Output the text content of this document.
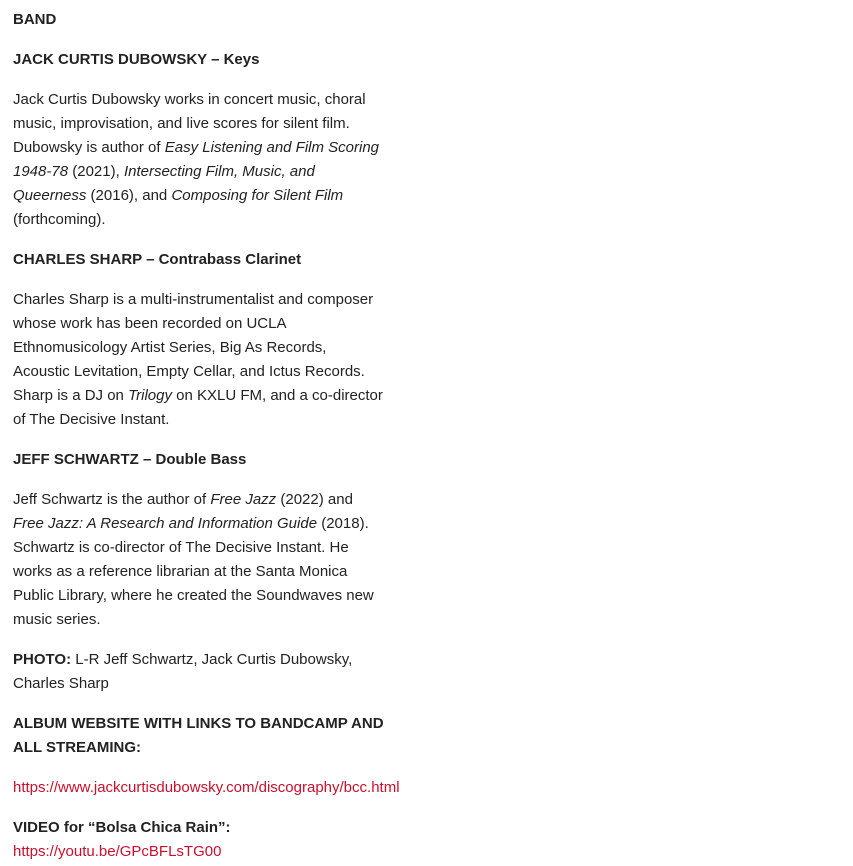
BAND

JACK CURTIS DUBOWSKY – Keys

Jack Curtis Dubowsky works in concert music, choral music, improvisation, and live scores for silent film. Dubowsky is author of Easy Listening and Film Scoring 1948-78 (2021), Intersecting Film, Music, and Queerness (2016), and Composing for Silent Film (forthcoming).

CHARLES SHARP – Contrabass Clarinet

Charles Sharp is a multi-instrumentalist and composer whose work has been recorded on UCLA Ethnomusicology Artist Series, Big As Records, Acoustic Levitation, Empty Cellar, and Ictus Records. Sharp is a DJ on Trilogy on KXLU FM, and a co-director of The Decisive Instant.

JEFF SCHWARTZ – Double Bass

Jeff Schwartz is the author of Free Jazz (2022) and Free Jazz: A Research and Information Guide (2018). Schwartz is co-director of The Decisive Instant. He works as a reference librarian at the Santa Monica Public Library, where he created the Soundwaves new music series.

PHOTO: L-R Jeff Schwartz, Jack Curtis Dubowsky, Charles Sharp

ALBUM WEBSITE WITH LINKS TO BANDCAMP AND ALL STREAMING:

https://www.jackcurtisdubowsky.com/discography/bcc.html

VIDEO for “Bolsa Chica Rain”:
https://youtu.be/GPcBFLsTG00
